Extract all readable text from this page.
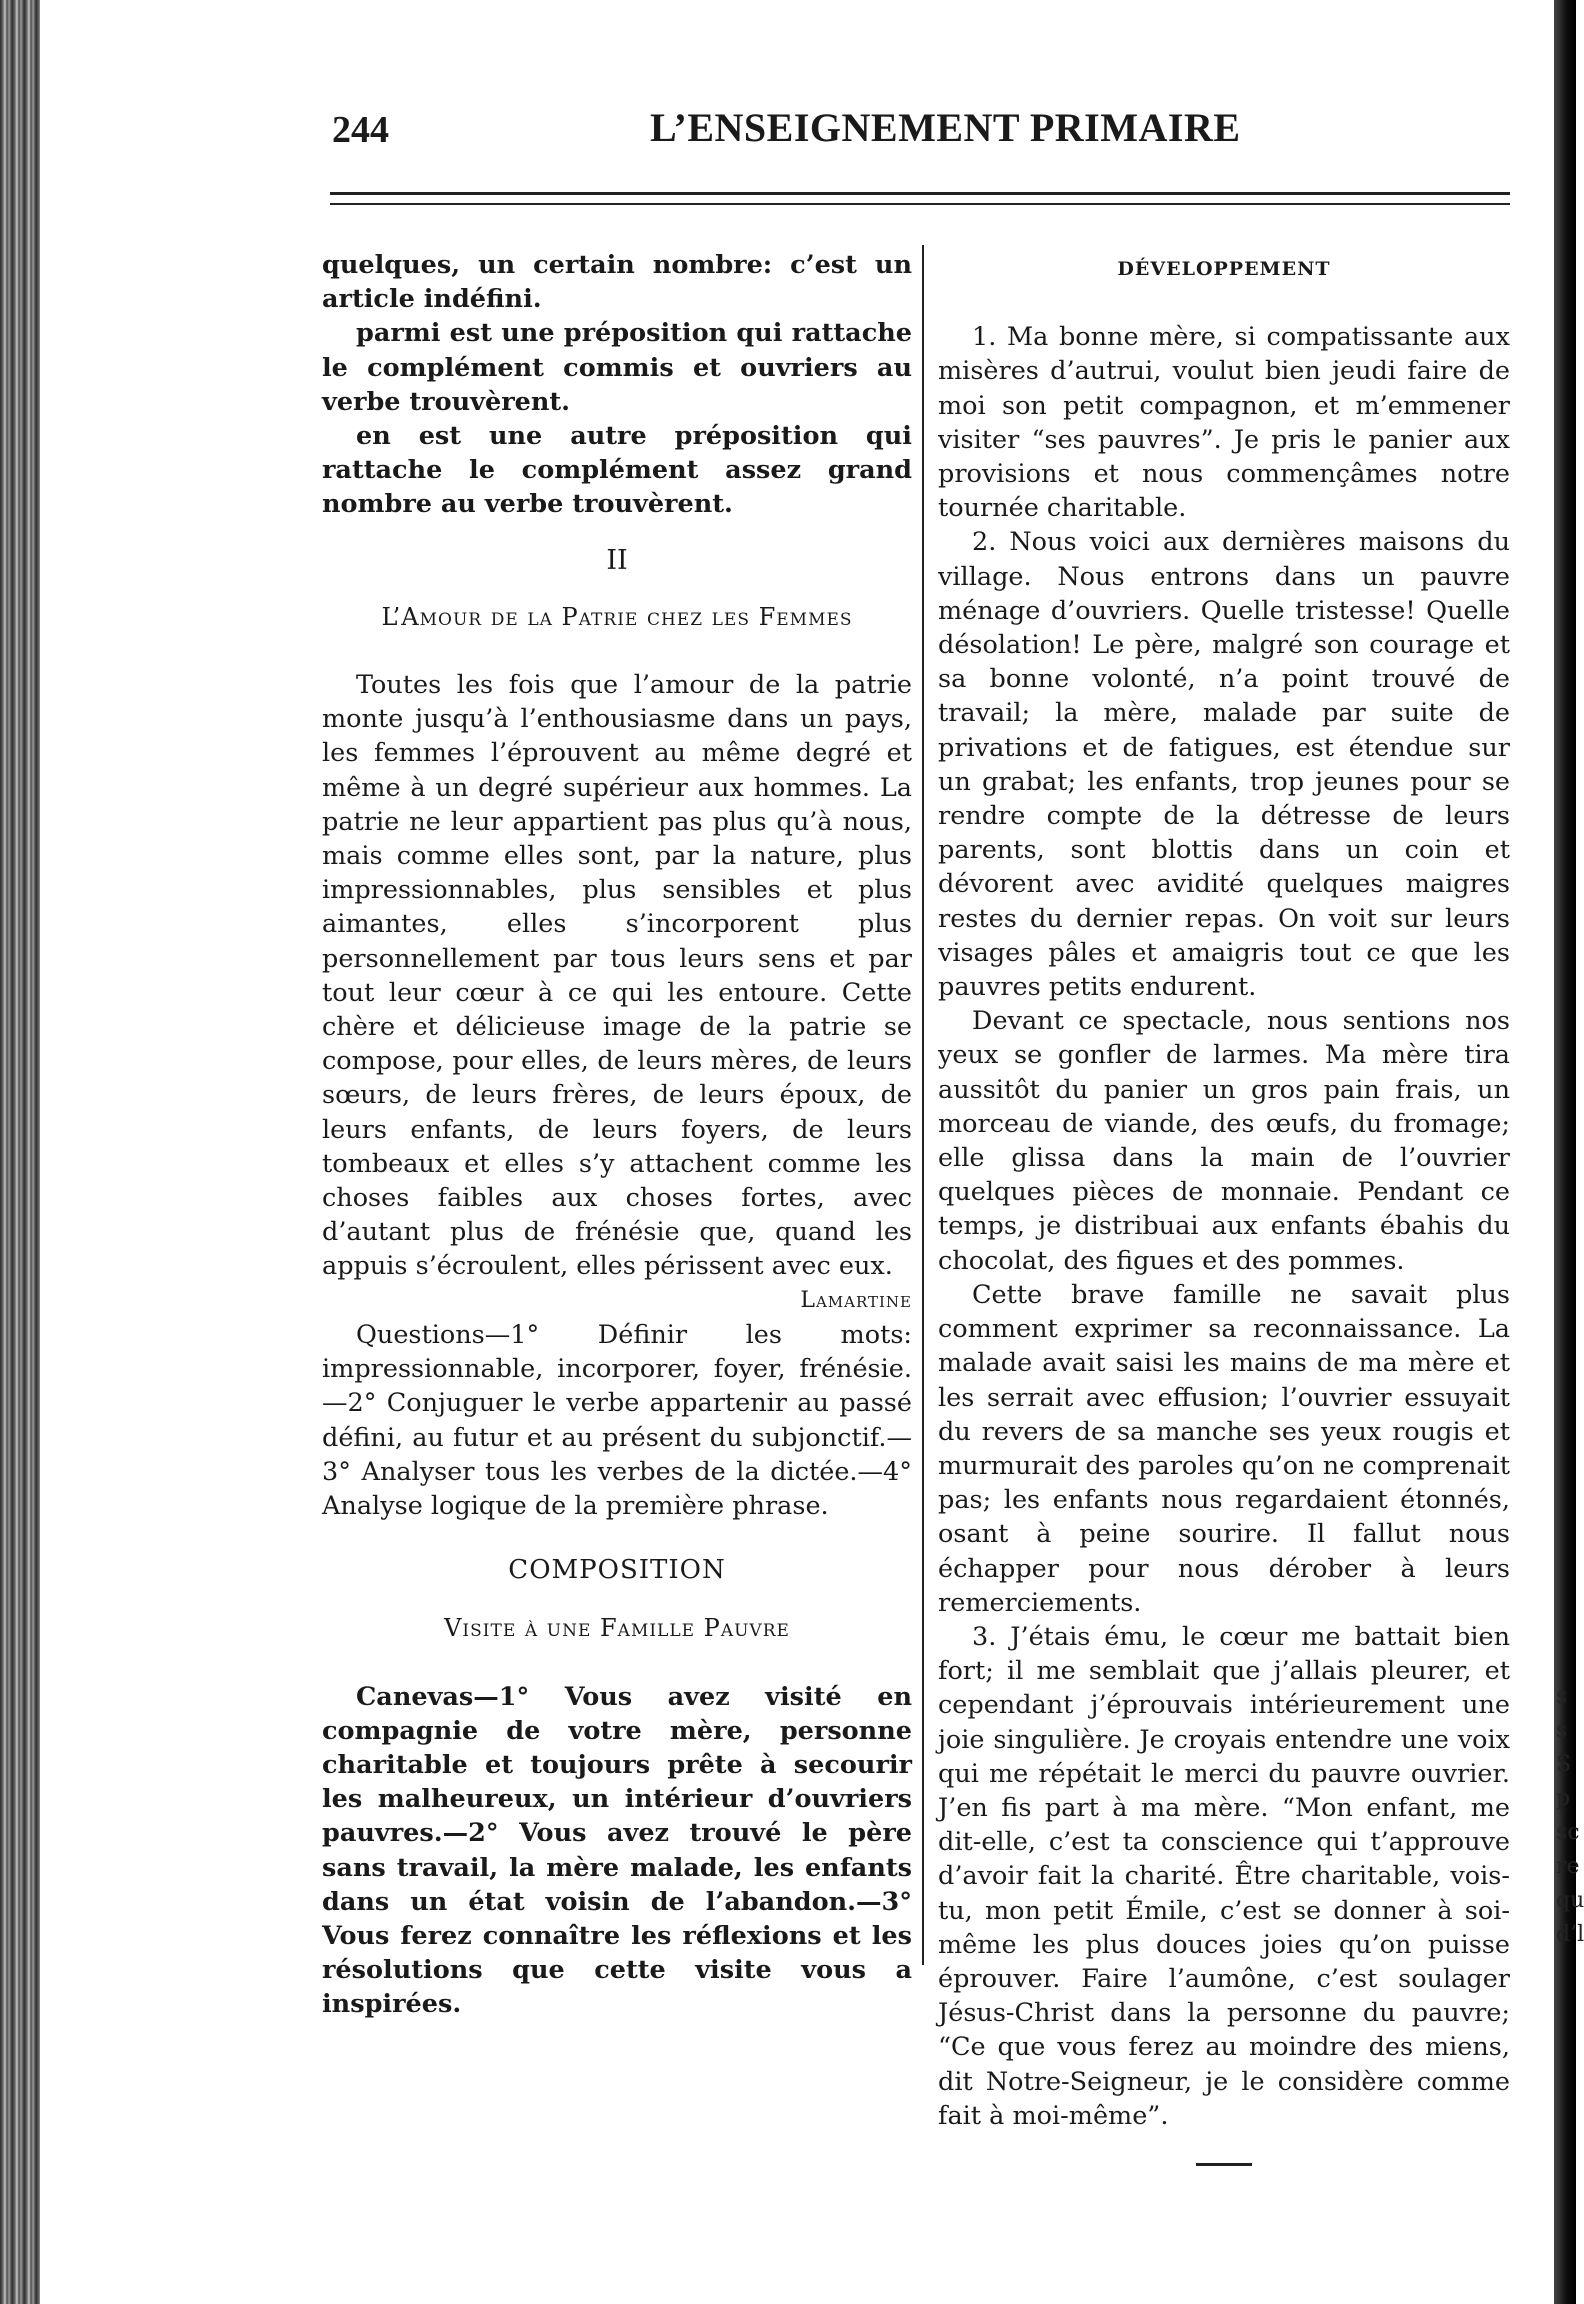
244	L’ENSEIGNEMENT PRIMAIRE

quelques, un certain nombre: c’est un article indéfini.

parmi est une préposition qui rattache le complément commis et ouvriers au verbe trouvèrent.

en est une autre préposition qui rattache le complément assez grand nombre au verbe trouvèrent.

II

L’Amour de la Patrie chez les Femmes

Toutes les fois que l’amour de la patrie monte jusqu’à l’enthousiasme dans un pays, les femmes l’éprouvent au même degré et même à un degré supérieur aux hommes. La patrie ne leur appartient pas plus qu’à nous, mais comme elles sont, par la nature, plus impressionnables, plus sensibles et plus aimantes, elles s’incorporent plus personnellement par tous leurs sens et par tout leur cœur à ce qui les entoure. Cette chère et délicieuse image de la patrie se compose, pour elles, de leurs mères, de leurs sœurs, de leurs frères, de leurs époux, de leurs enfants, de leurs foyers, de leurs tombeaux et elles s’y attachent comme les choses faibles aux choses fortes, avec d’autant plus de frénésie que, quand les appuis s’écroulent, elles périssent avec eux.

Lamartine

Questions—1° Définir les mots: impressionnable, incorporer, foyer, frénésie.—2° Conjuguer le verbe appartenir au passé défini, au futur et au présent du subjonctif.—3° Analyser tous les verbes de la dictée.—4° Analyse logique de la première phrase.

COMPOSITION

Visite à une Famille Pauvre

Canevas—1° Vous avez visité en compagnie de votre mère, personne charitable et toujours prête à secourir les malheureux, un intérieur d’ouvriers pauvres.—2° Vous avez trouvé le père sans travail, la mère malade, les enfants dans un état voisin de l’abandon.—3° Vous ferez connaître les réflexions et les résolutions que cette visite vous a inspirées.

DÉVELOPPEMENT

1. Ma bonne mère, si compatissante aux misères d’autrui, voulut bien jeudi faire de moi son petit compagnon, et m’emmener visiter “ses pauvres”. Je pris le panier aux provisions et nous commençâmes notre tournée charitable.

2. Nous voici aux dernières maisons du village. Nous entrons dans un pauvre ménage d’ouvriers. Quelle tristesse! Quelle désolation! Le père, malgré son courage et sa bonne volonté, n’a point trouvé de travail; la mère, malade par suite de privations et de fatigues, est étendue sur un grabat; les enfants, trop jeunes pour se rendre compte de la détresse de leurs parents, sont blottis dans un coin et dévorent avec avidité quelques maigres restes du dernier repas. On voit sur leurs visages pâles et amaigris tout ce que les pauvres petits endurent.

Devant ce spectacle, nous sentions nos yeux se gonfler de larmes. Ma mère tira aussitôt du panier un gros pain frais, un morceau de viande, des œufs, du fromage; elle glissa dans la main de l’ouvrier quelques pièces de monnaie. Pendant ce temps, je distribuai aux enfants ébahis du chocolat, des figues et des pommes.

Cette brave famille ne savait plus comment exprimer sa reconnaissance. La malade avait saisi les mains de ma mère et les serrait avec effusion; l’ouvrier essuyait du revers de sa manche ses yeux rougis et murmurait des paroles qu’on ne comprenait pas; les enfants nous regardaient étonnés, osant à peine sourire. Il fallut nous échapper pour nous dérober à leurs remerciements.

3. J’étais ému, le cœur me battait bien fort; il me semblait que j’allais pleurer, et cependant j’éprouvais intérieurement une joie singulière. Je croyais entendre une voix qui me répétait le merci du pauvre ouvrier. J’en fis part à ma mère. “Mon enfant, me dit-elle, c’est ta conscience qui t’approuve d’avoir fait la charité. Être charitable, vois-tu, mon petit Émile, c’est se donner à soi-même les plus douces joies qu’on puisse éprouver. Faire l’aumône, c’est soulager Jésus-Christ dans la personne du pauvre; “Ce que vous ferez au moindre des miens, dit Notre-Seigneur, je le considère comme fait à moi-même”.

s
s
S
p
sc
re
qu
d’l
